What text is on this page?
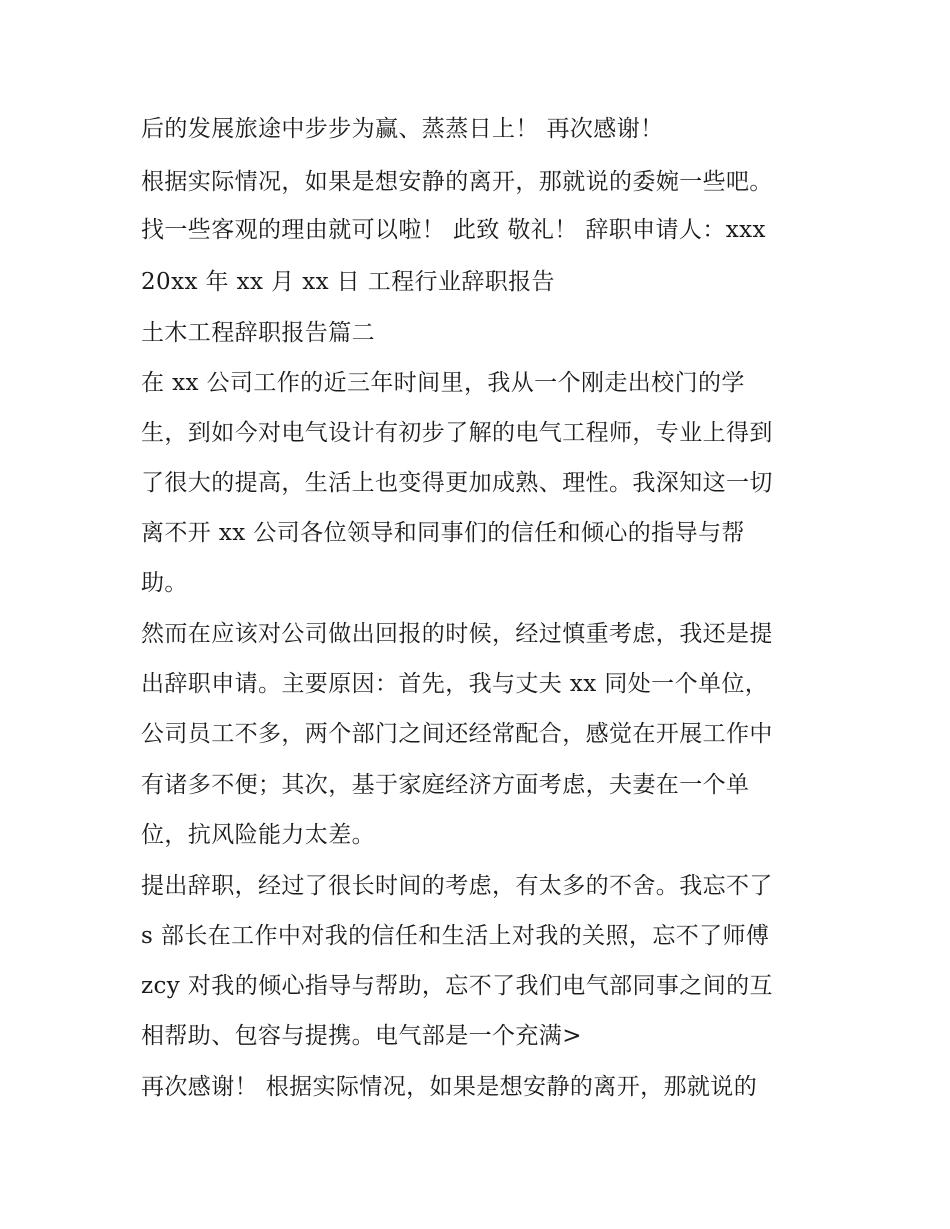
后的发展旅途中步步为赢、蒸蒸日上！ 再次感谢！
根据实际情况，如果是想安静的离开，那就说的委婉一些吧。
找一些客观的理由就可以啦！ 此致 敬礼！ 辞职申请人：xxx
20xx 年 xx 月 xx 日 工程行业辞职报告
土木工程辞职报告篇二
在 xx 公司工作的近三年时间里，我从一个刚走出校门的学
生，到如今对电气设计有初步了解的电气工程师，专业上得到
了很大的提高，生活上也变得更加成熟、理性。我深知这一切
离不开 xx 公司各位领导和同事们的信任和倾心的指导与帮
助。
然而在应该对公司做出回报的时候，经过慎重考虑，我还是提
出辞职申请。主要原因：首先，我与丈夫 xx 同处一个单位，
公司员工不多，两个部门之间还经常配合，感觉在开展工作中
有诸多不便；其次，基于家庭经济方面考虑，夫妻在一个单
位，抗风险能力太差。
提出辞职，经过了很长时间的考虑，有太多的不舍。我忘不了
s 部长在工作中对我的信任和生活上对我的关照，忘不了师傅
zcy 对我的倾心指导与帮助，忘不了我们电气部同事之间的互
相帮助、包容与提携。电气部是一个充满>
再次感谢！ 根据实际情况，如果是想安静的离开，那就说的
